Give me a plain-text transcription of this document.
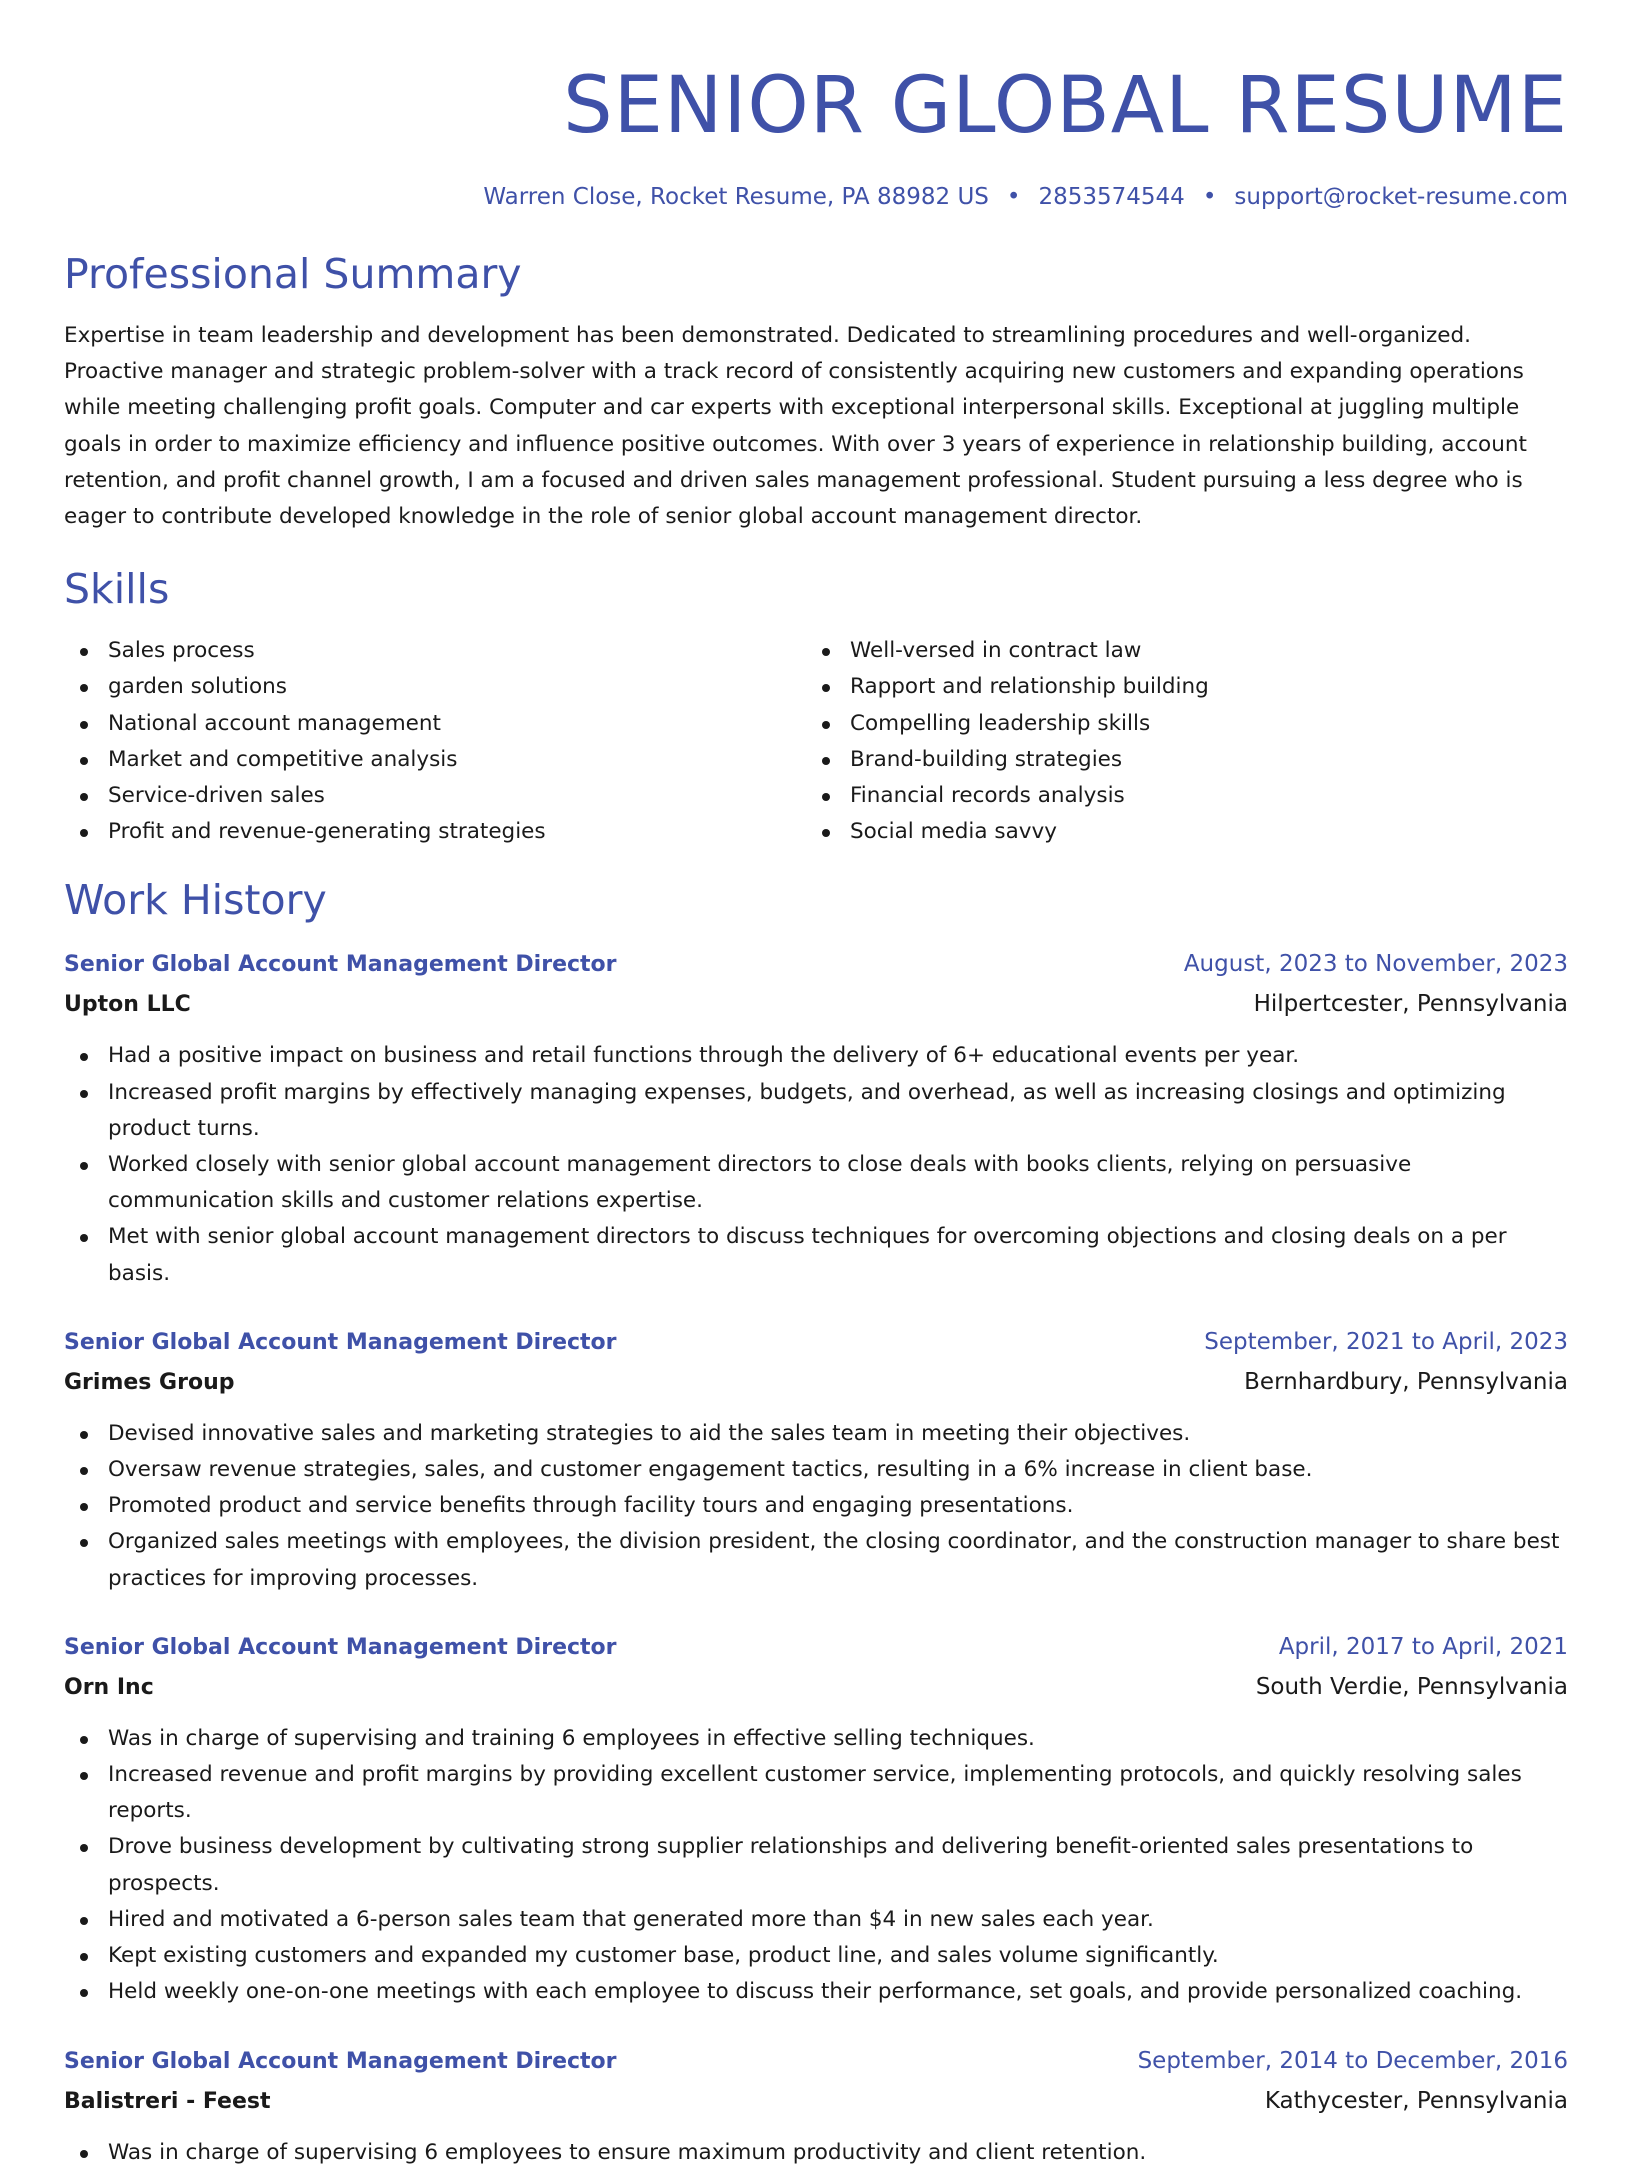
SENIOR GLOBAL RESUME
Warren Close, Rocket Resume, PA 88982 US • 2853574544 • support@rocket-resume.com
Professional Summary

Expertise in team leadership and development has been demonstrated. Dedicated to streamlining procedures and well-organized. Proactive manager and strategic problem-solver with a track record of consistently acquiring new customers and expanding operations while meeting challenging profit goals. Computer and car experts with exceptional interpersonal skills. Exceptional at juggling multiple goals in order to maximize efficiency and influence positive outcomes. With over 3 years of experience in relationship building, account retention, and profit channel growth, I am a focused and driven sales management professional. Student pursuing a less degree who is eager to contribute developed knowledge in the role of senior global account management director.

Skills
Sales process
garden solutions
National account management
Market and competitive analysis
Service-driven sales
Profit and revenue-generating strategies
Well-versed in contract law
Rapport and relationship building
Compelling leadership skills
Brand-building strategies
Financial records analysis
Social media savvy
Work History
Senior Global Account Management Director	August, 2023 to November, 2023
Upton LLC	Hilpertcester, Pennsylvania
Had a positive impact on business and retail functions through the delivery of 6+ educational events per year.
Increased profit margins by effectively managing expenses, budgets, and overhead, as well as increasing closings and optimizing product turns.
Worked closely with senior global account management directors to close deals with books clients, relying on persuasive communication skills and customer relations expertise.
Met with senior global account management directors to discuss techniques for overcoming objections and closing deals on a per basis.
Senior Global Account Management Director	September, 2021 to April, 2023
Grimes Group	Bernhardbury, Pennsylvania
Devised innovative sales and marketing strategies to aid the sales team in meeting their objectives.
Oversaw revenue strategies, sales, and customer engagement tactics, resulting in a 6% increase in client base.
Promoted product and service benefits through facility tours and engaging presentations.
Organized sales meetings with employees, the division president, the closing coordinator, and the construction manager to share best practices for improving processes.
Senior Global Account Management Director	April, 2017 to April, 2021
Orn Inc	South Verdie, Pennsylvania
Was in charge of supervising and training 6 employees in effective selling techniques.
Increased revenue and profit margins by providing excellent customer service, implementing protocols, and quickly resolving sales reports.
Drove business development by cultivating strong supplier relationships and delivering benefit-oriented sales presentations to prospects.
Hired and motivated a 6-person sales team that generated more than $4 in new sales each year.
Kept existing customers and expanded my customer base, product line, and sales volume significantly.
Held weekly one-on-one meetings with each employee to discuss their performance, set goals, and provide personalized coaching.
Senior Global Account Management Director	September, 2014 to December, 2016
Balistreri - Feest	Kathycester, Pennsylvania
Was in charge of supervising 6 employees to ensure maximum productivity and client retention.
